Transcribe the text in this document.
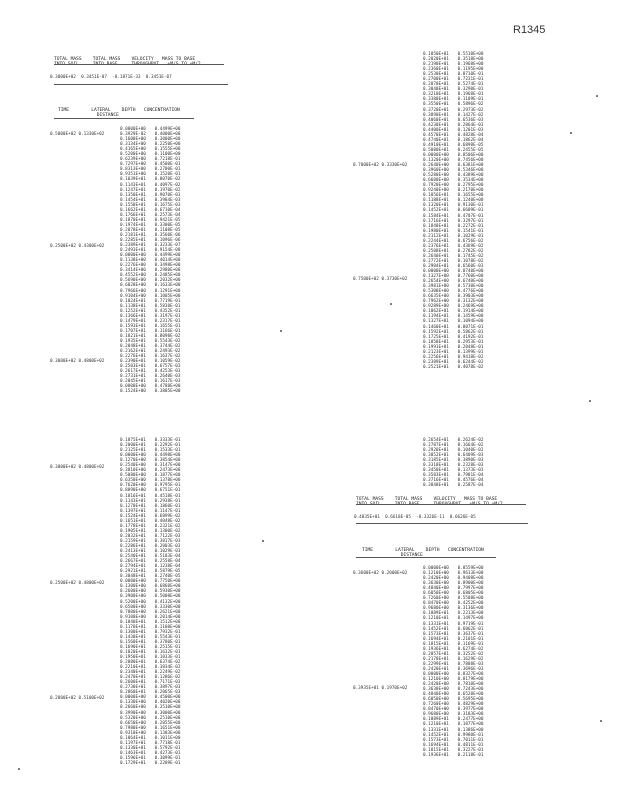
R1345

TOTAL MASS TOTAL MASS VELOCITY MASS TO BASE
INTO SOIL	INTO BASE	THROUGHPUT +M/S TO +M/2

0.3000E+02 0.3451E-07 -0.1871E-33 0.3451E-07

TIME	LATERAL DEPTH CONCENTRATION
DISTANCE

0.5000E+02 0.1330E+02

0.2500E+02 0.4300E+02

0.3000E+02 0.4800E+02

0.0000E+00 0.4499E+00
0.3929E-02 0.4000E+00
0.1600E+00 0.3000E+00
0.3134E+00 0.2250E+00
0.4165E+00 0.1555E+00
0.5200E+00 0.1100E+00
0.6239E+00 0.7218E-01
0.7297E+00 0.4500E-01
0.8313E+00 0.2700E-01
0.9351E+00 0.1520E-01
0.1039E+01 0.8070E-02
0.1143E+01 0.4097E-02
0.1247E+01 0.1970E-02
0.1350E+01 0.9070E-03
0.1454E+01 0.3984E-03
0.1558E+01 0.1675E-03
0.1662E+01 0.6710E-04
0.1766E+01 0.2573E-04
0.1870E+01 0.9421E-05
0.1974E+01 0.3300E-05
0.2078E+01 0.1108E-05
0.2181E+01 0.3560E-06
0.2285E+01 0.1096E-06
0.2389E+01 0.3233E-07
0.2493E+01 0.9154E-08
0.0000E+00 0.4499E+00
0.1138E+00 0.4014E+00
0.2276E+00 0.3498E+00
0.3414E+00 0.2980E+00
0.4552E+00 0.2485E+00
0.5690E+00 0.2032E+00
0.6828E+00 0.1633E+00
0.7966E+00 0.1291E+00
0.9104E+00 0.1005E+00
0.1024E+01 0.7719E-01
0.1138E+01 0.5838E-01
0.1252E+01 0.4352E-01
0.1366E+01 0.3197E-01
0.1479E+01 0.2317E-01
0.1593E+01 0.1655E-01
0.1707E+01 0.1166E-01
0.1821E+01 0.8098E-02
0.1935E+01 0.5543E-02
0.2048E+01 0.3744E-02
0.2162E+01 0.2493E-02
0.2276E+01 0.1637E-02
0.2390E+01 0.1059E-02
0.2503E+01 0.6757E-03
0.2617E+01 0.4253E-03
0.2731E+01 0.2640E-03
0.2845E+01 0.1617E-03
0.0000E+00 0.4788E+00
0.1524E+00 0.3885E+00

0.3000E+02 0.4800E+02

0.2500E+02 0.4800E+02

0.2800E+02 0.5100E+02

0.1875E+01 0.3333E-01
0.2000E+01 0.2292E-01
0.2125E+01 0.1533E-01
0.0000E+00 0.4498E+00
0.1270E+00 0.3854E+00
0.2540E+00 0.3147E+00
0.3810E+00 0.2473E+00
0.5080E+00 0.1877E+00
0.6350E+00 0.1378E+00
0.7620E+00 0.9795E-01
0.8890E+00 0.6751E-01
0.1016E+01 0.4518E-01
0.1143E+01 0.2938E-01
0.1270E+01 0.1860E-01
0.1397E+01 0.1147E-01
0.1524E+01 0.6899E-02
0.1651E+01 0.4048E-02
0.1778E+01 0.2321E-02
0.1905E+01 0.1300E-02
0.2032E+01 0.7122E-03
0.2159E+01 0.3817E-03
0.2286E+01 0.2003E-03
0.2413E+01 0.1029E-03
0.2540E+01 0.5183E-04
0.2667E+01 0.2558E-04
0.2794E+01 0.1238E-04
0.2921E+01 0.5879E-05
0.3048E+01 0.2740E-05
0.0000E+00 0.7750E+00
0.1300E+00 0.6860E+00
0.2600E+00 0.5930E+00
0.3900E+00 0.5008E+00
0.5200E+00 0.4132E+00
0.6500E+00 0.3330E+00
0.7800E+00 0.2621E+00
0.9100E+00 0.2014E+00
0.1040E+01 0.1512E+00
0.1170E+01 0.1108E+00
0.1300E+01 0.7932E-01
0.1430E+01 0.5543E-01
0.1560E+01 0.3780E-01
0.1690E+01 0.2515E-01
0.1820E+01 0.1632E-01
0.1950E+01 0.1033E-01
0.2080E+01 0.6374E-02
0.2210E+01 0.3834E-02
0.2340E+01 0.2249E-02
0.2470E+01 0.1286E-02
0.2600E+01 0.7171E-03
0.2730E+01 0.3897E-03
0.2860E+01 0.2065E-03
0.0000E+00 0.4500E+00
0.1330E+00 0.4020E+00
0.2660E+00 0.3510E+00
0.3990E+00 0.3000E+00
0.5320E+00 0.2510E+00
0.6650E+00 0.2055E+00
0.7980E+00 0.1651E+00
0.9310E+00 0.1303E+00
0.1064E+01 0.1011E+00
0.1197E+01 0.7718E-01
0.1330E+01 0.5792E-01
0.1463E+01 0.4273E-01
0.1596E+01 0.3099E-01
0.1729E+01 0.2209E-01

0.7000E+02 0.3330E+02

0.7500E+02 0.3730E+02

0.1850E+01 0.5510E+00
0.2020E+01 0.3518E+00
0.2190E+01 0.1968E+00
0.2360E+01 0.1195E+00
0.2530E+01 0.8710E-01
0.2700E+01 0.7231E-01
0.2870E+01 0.5274E-01
0.3040E+01 0.3290E-01
0.3210E+01 0.1968E-01
0.3380E+01 0.1109E-01
0.3550E+01 0.5896E-02
0.3720E+01 0.2973E-02
0.3890E+01 0.1427E-02
0.4060E+01 0.6536E-03
0.4230E+01 0.2864E-03
0.4400E+01 0.1201E-03
0.4570E+01 0.4828E-04
0.4740E+01 0.1862E-04
0.4910E+01 0.6898E-05
0.5080E+01 0.2455E-05
0.0000E+00 0.8506E+00
0.1320E+00 0.7456E+00
0.2640E+00 0.6381E+00
0.3960E+00 0.5346E+00
0.5280E+00 0.4389E+00
0.6600E+00 0.3534E+00
0.7920E+00 0.2795E+00
0.9240E+00 0.2170E+00
0.1056E+01 0.1655E+00
0.1188E+01 0.1240E+00
0.1320E+01 0.9130E-01
0.1452E+01 0.6609E-01
0.1584E+01 0.4707E-01
0.1716E+01 0.3297E-01
0.1848E+01 0.2272E-01
0.1980E+01 0.1541E-01
0.2112E+01 0.1029E-01
0.2244E+01 0.6756E-02
0.2376E+01 0.4369E-02
0.2508E+01 0.2782E-02
0.2640E+01 0.1745E-02
0.2772E+01 0.1078E-02
0.2904E+01 0.6560E-03
0.0000E+00 0.8740E+00
0.1327E+00 0.7760E+00
0.2654E+00 0.6740E+00
0.3981E+00 0.5730E+00
0.5308E+00 0.4776E+00
0.6635E+00 0.3903E+00
0.7962E+00 0.3132E+00
0.9289E+00 0.2469E+00
0.1062E+01 0.1914E+00
0.1194E+01 0.1459E+00
0.1327E+01 0.1094E+00
0.1460E+01 0.8071E-01
0.1592E+01 0.5862E-01
0.1725E+01 0.4192E-01
0.1858E+01 0.2953E-01
0.1991E+01 0.2048E-01
0.2123E+01 0.1399E-01
0.2256E+01 0.9418E-02
0.2389E+01 0.6244E-02
0.2521E+01 0.4078E-02
0.2654E+01 0.2624E-02
0.2787E+01 0.1664E-02
0.2920E+01 0.1040E-02
0.3052E+01 0.6409E-03
0.3185E+01 0.3890E-03
0.3318E+01 0.2328E-03
0.3450E+01 0.1373E-03
0.3583E+01 0.7981E-04
0.3716E+01 0.4576E-04
0.3848E+01 0.2587E-04

TOTAL MASS TOTAL MASS VELOCITY MASS TO BASE
INTO SOIL	INTO BASE	THROUGHPUT +M/S TO +M/2

0.4835E+01 0.6618E-05 -0.3326E-11 0.6626E-05

TIME	LATERAL DEPTH CONCENTRATION
DISTANCE

0.3600E+02 0.2000E+02

0.3935E+01 0.1970E+02

0.0000E+00 0.8559E+00
0.1210E+00 0.9613E+00
0.2420E+00 0.9408E+00
0.3630E+00 0.8900E+00
0.4840E+00 0.7997E+00
0.6050E+00 0.6805E+00
0.7260E+00 0.5508E+00
0.8470E+00 0.4252E+00
0.9680E+00 0.3136E+00
0.1089E+01 0.2213E+00
0.1210E+01 0.1497E+00
0.1331E+01 0.9719E-01
0.1452E+01 0.6062E-01
0.1573E+01 0.3637E-01
0.1694E+01 0.2101E-01
0.1815E+01 0.1169E-01
0.1936E+01 0.6274E-02
0.2057E+01 0.3252E-02
0.2178E+01 0.1629E-02
0.2299E+01 0.7888E-03
0.2420E+01 0.3696E-03
0.0000E+00 0.8327E+00
0.1210E+00 0.8179E+00
0.2420E+00 0.7810E+00
0.3630E+00 0.7243E+00
0.4840E+00 0.6520E+00
0.6050E+00 0.5695E+00
0.7260E+00 0.4829E+00
0.8470E+00 0.3977E+00
0.9680E+00 0.3183E+00
0.1089E+01 0.2477E+00
0.1210E+01 0.1877E+00
0.1331E+01 0.1386E+00
0.1452E+01 0.9980E-01
0.1573E+01 0.7011E-01
0.1694E+01 0.4811E-01
0.1815E+01 0.3227E-01
0.1936E+01 0.2118E-01
